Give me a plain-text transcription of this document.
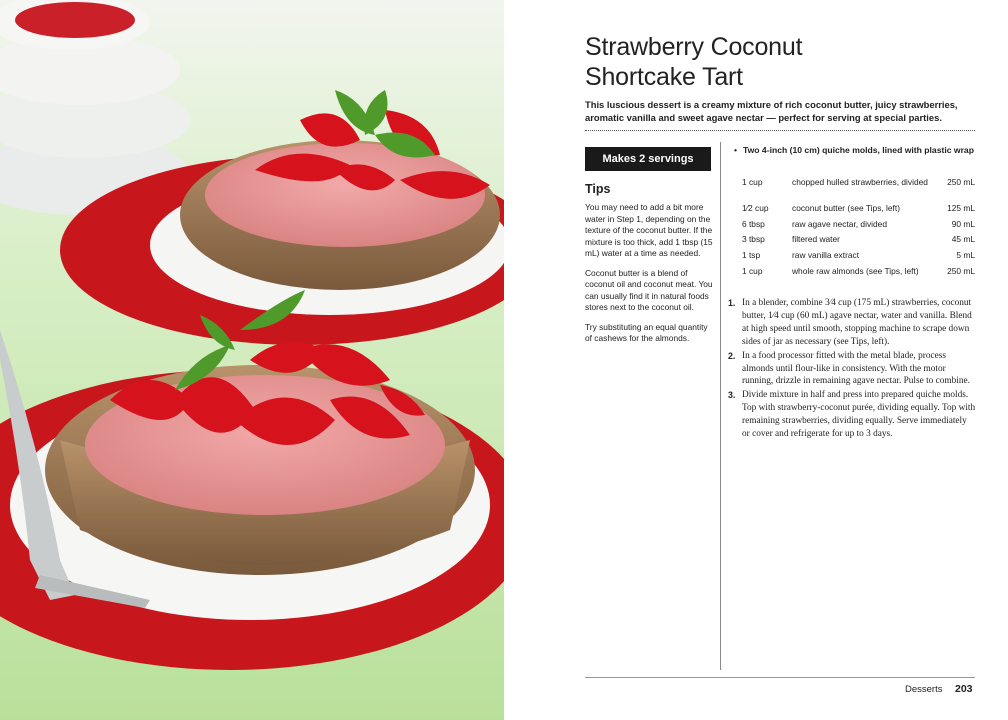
Strawberry Coconut
Shortcake Tart
This luscious dessert is a creamy mixture of rich coconut butter, juicy strawberries, aromatic vanilla and sweet agave nectar — perfect for serving at special parties.
Makes 2 servings
Tips

You may need to add a bit more water in Step 1, depending on the texture of the coconut butter. If the mixture is too thick, add 1 tbsp (15 mL) water at a time as needed.

Coconut butter is a blend of coconut oil and coconut meat. You can usually find it in natural foods stores next to the coconut oil.

Try substituting an equal quantity of cashews for the almonds.

• Two 4-inch (10 cm) quiche molds, lined with plastic wrap
1 cup	chopped hulled strawberries, divided	250 mL
1⁄2 cup	coconut butter (see Tips, left)	125 mL
6 tbsp	raw agave nectar, divided	90 mL
3 tbsp	filtered water	45 mL
1 tsp	raw vanilla extract	5 mL
1 cup	whole raw almonds (see Tips, left)	250 mL
1. In a blender, combine 3⁄4 cup (175 mL) strawberries, coconut butter, 1⁄4 cup (60 mL) agave nectar, water and vanilla. Blend at high speed until smooth, stopping machine to scrape down sides of jar as necessary (see Tips, left).
2. In a food processor fitted with the metal blade, process almonds until flour-like in consistency. With the motor running, drizzle in remaining agave nectar. Pulse to combine.
3. Divide mixture in half and press into prepared quiche molds. Top with strawberry-coconut purée, dividing equally. Top with remaining strawberries, dividing equally. Serve immediately or cover and refrigerate for up to 3 days.
Desserts 203
